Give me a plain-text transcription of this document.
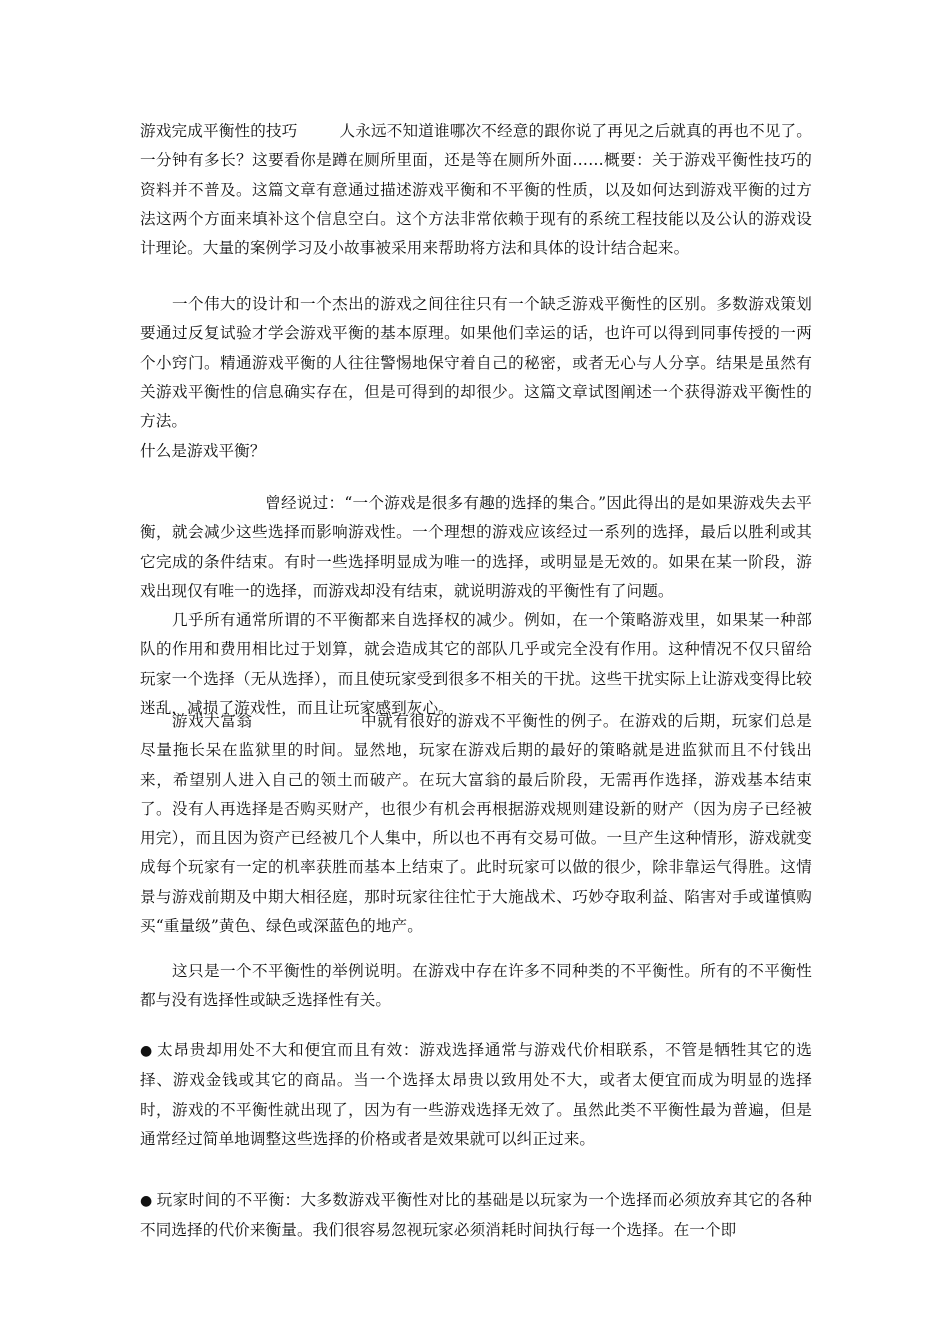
游戏完成平衡性的技巧	人永远不知道谁哪次不经意的跟你说了再见之后就真的再也不见了。一分钟有多长？这要看你是蹲在厕所里面，还是等在厕所外面……概要：关于游戏平衡性技巧的资料并不普及。这篇文章有意通过描述游戏平衡和不平衡的性质，以及如何达到游戏平衡的过方法这两个方面来填补这个信息空白。这个方法非常依赖于现有的系统工程技能以及公认的游戏设计理论。大量的案例学习及小故事被采用来帮助将方法和具体的设计结合起来。

一个伟大的设计和一个杰出的游戏之间往往只有一个缺乏游戏平衡性的区别。多数游戏策划要通过反复试验才学会游戏平衡的基本原理。如果他们幸运的话，也许可以得到同事传授的一两个小窍门。精通游戏平衡的人往往警惕地保守着自己的秘密，或者无心与人分享。结果是虽然有关游戏平衡性的信息确实存在，但是可得到的却很少。这篇文章试图阐述一个获得游戏平衡性的方法。

什么是游戏平衡？

曾经说过：“一个游戏是很多有趣的选择的集合。”因此得出的是如果游戏失去平衡，就会减少这些选择而影响游戏性。一个理想的游戏应该经过一系列的选择，最后以胜利或其它完成的条件结束。有时一些选择明显成为唯一的选择，或明显是无效的。如果在某一阶段，游戏出现仅有唯一的选择，而游戏却没有结束，就说明游戏的平衡性有了问题。

几乎所有通常所谓的不平衡都来自选择权的减少。例如，在一个策略游戏里，如果某一种部队的作用和费用相比过于划算，就会造成其它的部队几乎或完全没有作用。这种情况不仅只留给玩家一个选择（无从选择），而且使玩家受到很多不相关的干扰。这些干扰实际上让游戏变得比较迷乱，减损了游戏性，而且让玩家感到灰心。

游戏大富翁	中就有很好的游戏不平衡性的例子。在游戏的后期，玩家们总是尽量拖长呆在监狱里的时间。显然地，玩家在游戏后期的最好的策略就是进监狱而且不付钱出来，希望别人进入自己的领土而破产。在玩大富翁的最后阶段，无需再作选择，游戏基本结束了。没有人再选择是否购买财产，也很少有机会再根据游戏规则建设新的财产（因为房子已经被用完），而且因为资产已经被几个人集中，所以也不再有交易可做。一旦产生这种情形，游戏就变成每个玩家有一定的机率获胜而基本上结束了。此时玩家可以做的很少，除非靠运气得胜。这情景与游戏前期及中期大相径庭，那时玩家往往忙于大施战术、巧妙夺取利益、陷害对手或谨慎购买“重量级”黄色、绿色或深蓝色的地产。

这只是一个不平衡性的举例说明。在游戏中存在许多不同种类的不平衡性。所有的不平衡性都与没有选择性或缺乏选择性有关。

● 太昂贵却用处不大和便宜而且有效：游戏选择通常与游戏代价相联系，不管是牺牲其它的选择、游戏金钱或其它的商品。当一个选择太昂贵以致用处不大，或者太便宜而成为明显的选择时，游戏的不平衡性就出现了，因为有一些游戏选择无效了。虽然此类不平衡性最为普遍，但是通常经过简单地调整这些选择的价格或者是效果就可以纠正过来。

● 玩家时间的不平衡：大多数游戏平衡性对比的基础是以玩家为一个选择而必须放弃其它的各种不同选择的代价来衡量。我们很容易忽视玩家必须消耗时间执行每一个选择。在一个即
